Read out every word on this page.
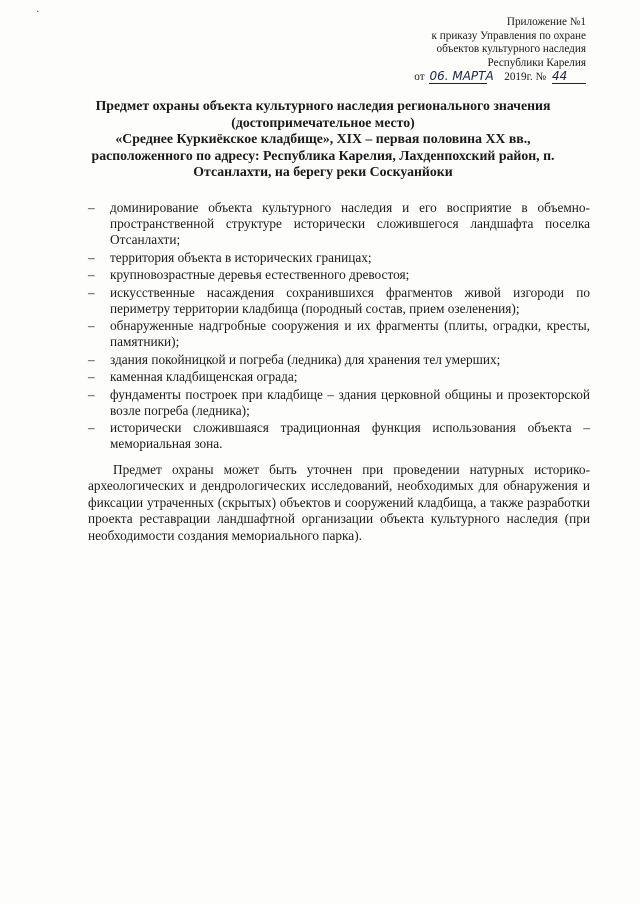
·
Приложение №1
к приказу Управления по охране
объектов культурного наследия
Республики Карелия
от 06. МАРТА 2019г. № 44
Предмет охраны объекта культурного наследия регионального значения
(достопримечательное место)
«Среднее Куркиёкское кладбище», XIX – первая половина XX вв.,
расположенного по адресу: Республика Карелия, Лахденпохский район, п.
Отсанлахти, на берегу реки Соскуанйоки
– доминирование объекта культурного наследия и его восприятие в объемно-пространственной структуре исторически сложившегося ландшафта поселка Отсанлахти;
– территория объекта в исторических границах;
– крупновозрастные деревья естественного древостоя;
– искусственные насаждения сохранившихся фрагментов живой изгороди по периметру территории кладбища (породный состав, прием озеленения);
– обнаруженные надгробные сооружения и их фрагменты (плиты, оградки, кресты, памятники);
– здания покойницкой и погреба (ледника) для хранения тел умерших;
– каменная кладбищенская ограда;
– фундаменты построек при кладбище – здания церковной общины и прозекторской возле погреба (ледника);
– исторически сложившаяся традиционная функция использования объекта – мемориальная зона.

Предмет охраны может быть уточнен при проведении натурных историко-археологических и дендрологических исследований, необходимых для обнаружения и фиксации утраченных (скрытых) объектов и сооружений кладбища, а также разработки проекта реставрации ландшафтной организации объекта культурного наследия (при необходимости создания мемориального парка).
